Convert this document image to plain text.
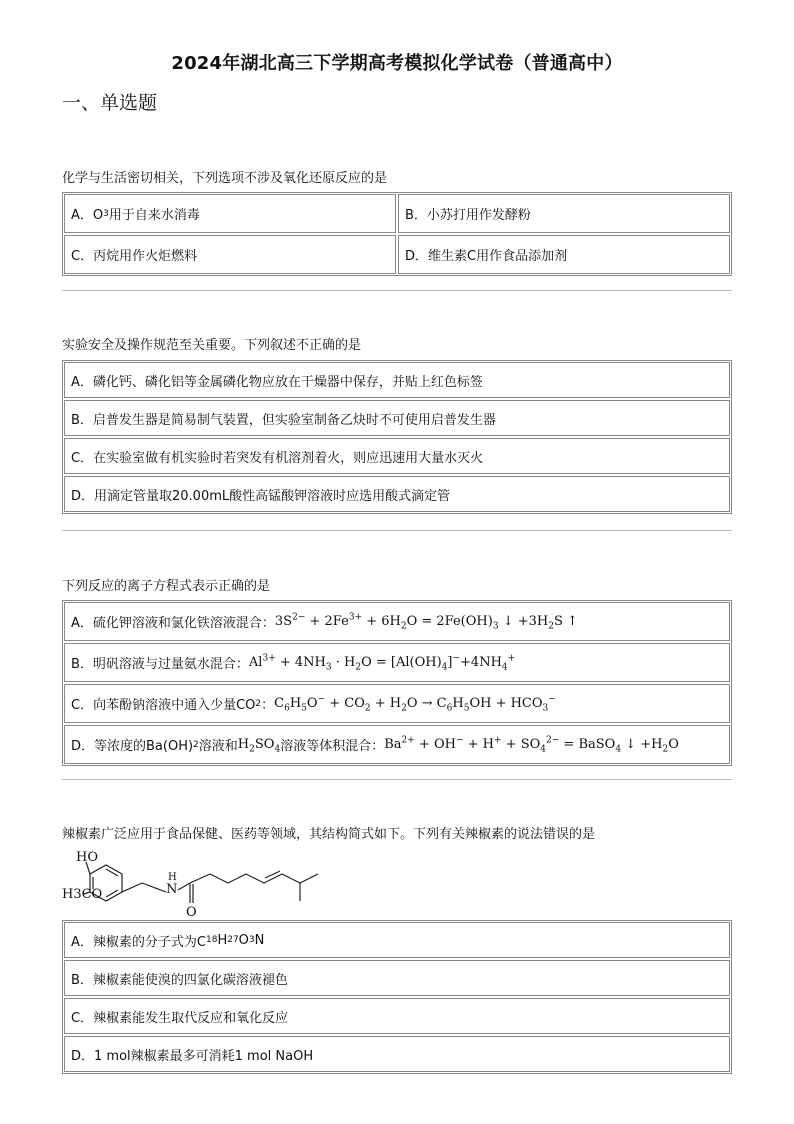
2024年湖北高三下学期高考模拟化学试卷（普通高中）
一、单选题
化学与生活密切相关，下列选项不涉及氧化还原反应的是
A．O 3 用于自来水消毒	B．小苏打用作发酵粉
C．丙烷用作火炬燃料	D．维生素C用作食品添加剂
实验安全及操作规范至关重要。下列叙述不正确的是
A．磷化钙、磷化铝等金属磷化物应放在干燥器中保存，并贴上红色标签
B．启普发生器是简易制气装置，但实验室制备乙炔时不可使用启普发生器
C．在实验室做有机实验时若突发有机溶剂着火，则应迅速用大量水灭火
D．用滴定管量取20.00mL酸性高锰酸钾溶液时应选用酸式滴定管
下列反应的离子方程式表示正确的是
A．硫化钾溶液和氯化铁溶液混合： $3S^{2-} + 2Fe^{3+} + 6H_2O = 2Fe(OH)_3$ ↓ $+3H_2S$ ↑
B．明矾溶液与过量氨水混合： $Al^{3+} + 4NH_3 \cdot H_2O = [Al(OH)_4]^-+4NH_4^+$
C．向苯酚钠溶液中通入少量CO 2 ： $C_6H_5O^- + CO_2 + H_2O \to C_6H_5OH + HCO_3^-$
D．等浓度的Ba(OH) 2 溶液和 $H_2SO_4$ 溶液等体积混合： $Ba^{2+} + OH^- + H^+ + SO_4^{2-}$ = BaSO$_4$ ↓ $+H_2O$
辣椒素广泛应用于食品保健、医药等领域，其结构简式如下。下列有关辣椒素的说法错误的是
HO
H3CO	N
H
O
A．辣椒素的分子式为C 18 H 27 O 3 N
B．辣椒素能使溴的四氯化碳溶液褪色
C．辣椒素能发生取代反应和氧化反应
D．1 mol辣椒素最多可消耗1 mol NaOH
